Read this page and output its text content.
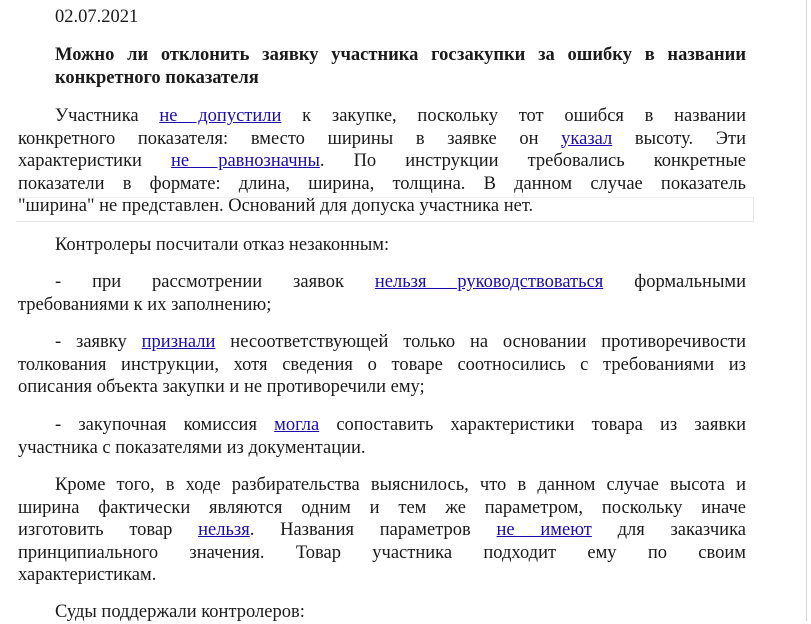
02.07.2021
Можно ли отклонить заявку участника госзакупки за ошибку в названии
конкретного показателя
Участника не допустили к закупке, поскольку тот ошибся в названии
конкретного показателя: вместо ширины в заявке он указал высоту. Эти
характеристики не равнозначны. По инструкции требовались конкретные
показатели в формате: длина, ширина, толщина. В данном случае показатель
"ширина" не представлен. Оснований для допуска участника нет.
Контролеры посчитали отказ незаконным:
- при рассмотрении заявок нельзя руководствоваться формальными
требованиями к их заполнению;
- заявку признали несоответствующей только на основании противоречивости
толкования инструкции, хотя сведения о товаре соотносились с требованиями из
описания объекта закупки и не противоречили ему;
- закупочная комиссия могла сопоставить характеристики товара из заявки
участника с показателями из документации.
Кроме того, в ходе разбирательства выяснилось, что в данном случае высота и
ширина фактически являются одним и тем же параметром, поскольку иначе
изготовить товар нельзя. Названия параметров не имеют для заказчика
принципиального значения. Товар участника подходит ему по своим
характеристикам.
Суды поддержали контролеров:
